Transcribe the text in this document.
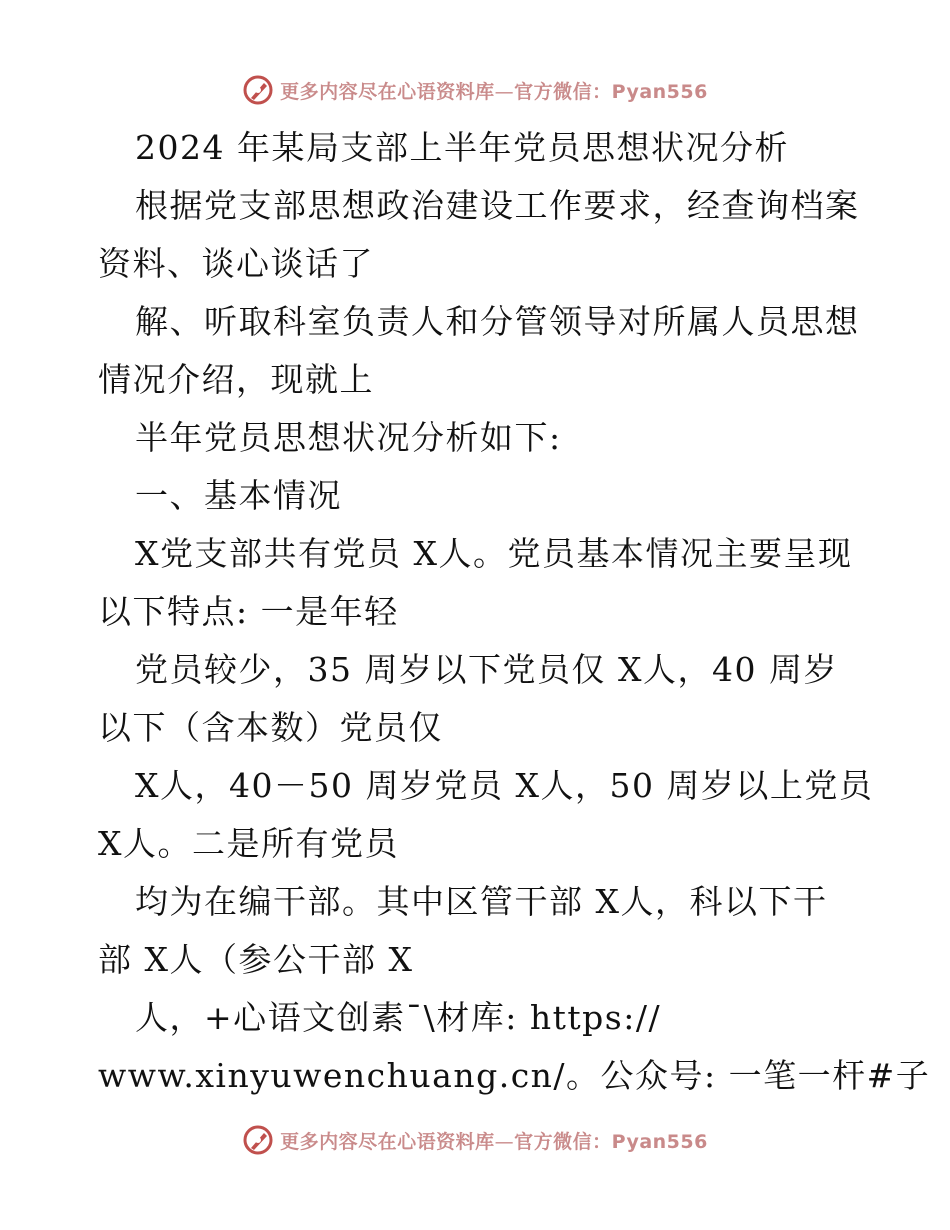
更多内容尽在心语资料库—官方微信：Pyan556
2024 年某局支部上半年党员思想状况分析
根据党支部思想政治建设工作要求，经查询档案
资料、谈心谈话了
解、听取科室负责人和分管领导对所属人员思想
情况介绍，现就上
半年党员思想状况分析如下:
一、基本情况
X党支部共有党员 X人。党员基本情况主要呈现
以下特点: 一是年轻
党员较少，35 周岁以下党员仅 X人，40 周岁
以下（含本数）党员仅
X人，40－50 周岁党员 X人，50 周岁以上党员
X人。二是所有党员
均为在编干部。其中区管干部 X人，科以下干
部 X人（参公干部 X
人，+心语文创素¯\材库: https://
www.xinyuwenchuang.cn/。公众号: 一笔一杆#子
更多内容尽在心语资料库—官方微信：Pyan556
